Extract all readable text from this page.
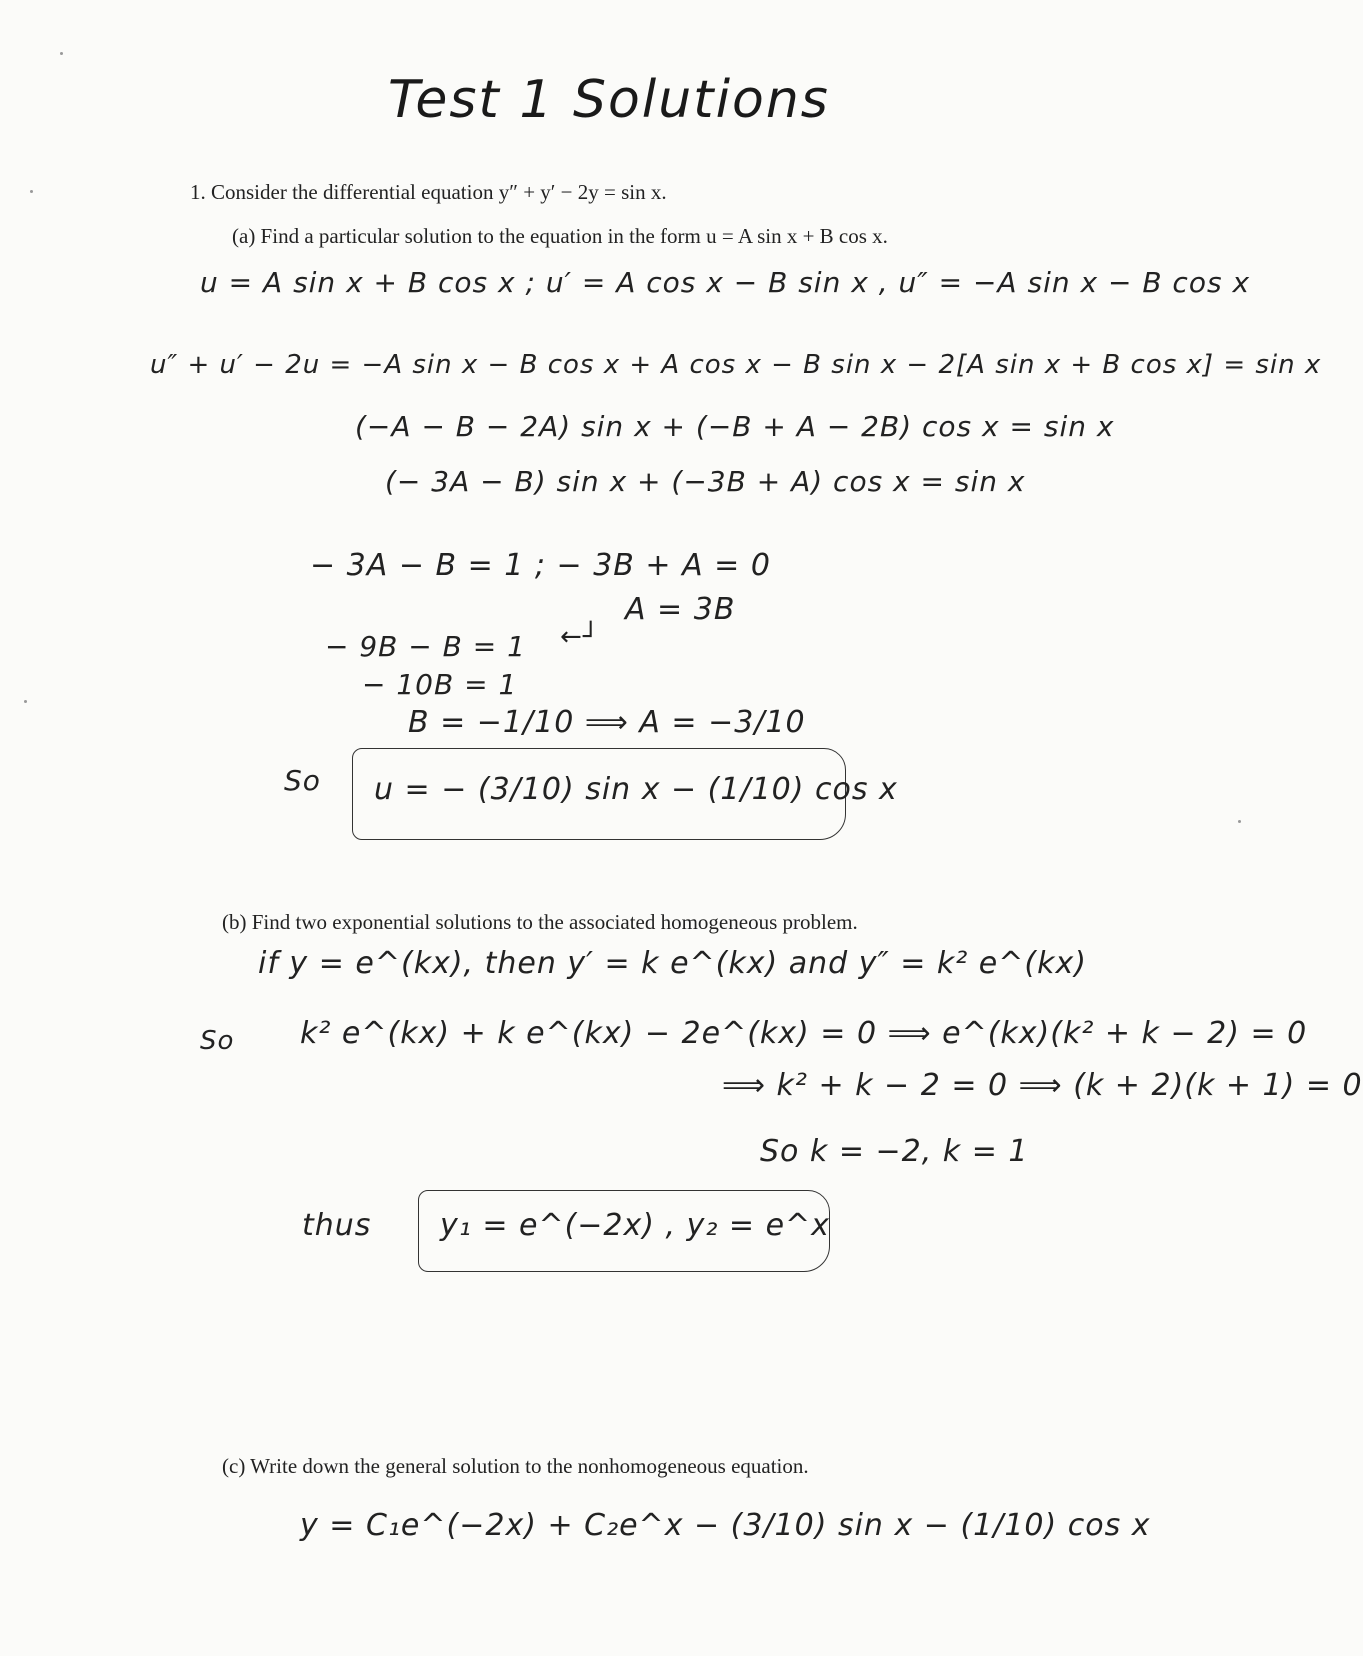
Test 1 Solutions
1. Consider the differential equation y″ + y′ − 2y = sin x.
(a) Find a particular solution to the equation in the form u = A sin x + B cos x.
u = A sin x + B cos x ; u′ = A cos x − B sin x , u″ = −A sin x − B cos x
u″ + u′ − 2u = −A sin x − B cos x + A cos x − B sin x − 2[A sin x + B cos x] = sin x
(−A − B − 2A) sin x + (−B + A − 2B) cos x = sin x
(− 3A − B) sin x + (−3B + A) cos x = sin x
− 3A − B = 1 ; − 3B + A = 0
A = 3B
− 9B − B = 1 ←┘
− 10B = 1
B = −1/10 ⟹ A = −3/10
So u = − (3/10) sin x − (1/10) cos x
(b) Find two exponential solutions to the associated homogeneous problem.
if y = e^(kx), then y′ = k e^(kx) and y″ = k² e^(kx)
So k² e^(kx) + k e^(kx) − 2e^(kx) = 0 ⟹ e^(kx)(k² + k − 2) = 0
⟹ k² + k − 2 = 0 ⟹ (k + 2)(k + 1) = 0
So k = −2, k = 1
thus y₁ = e^(−2x) , y₂ = e^x
(c) Write down the general solution to the nonhomogeneous equation.
y = C₁e^(−2x) + C₂e^x − (3/10) sin x − (1/10) cos x
